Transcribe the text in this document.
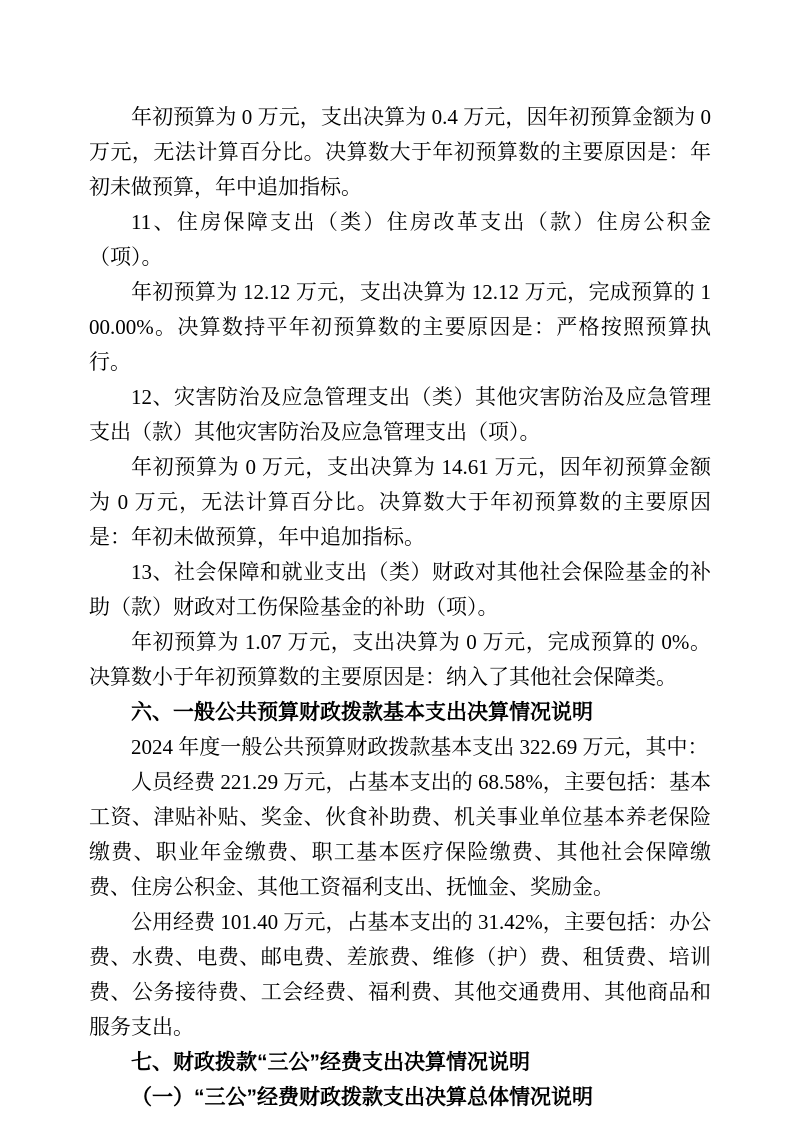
年初预算为 0 万元，支出决算为 0.4 万元，因年初预算金额为 0 万元，无法计算百分比。决算数大于年初预算数的主要原因是：年初未做预算，年中追加指标。

11、住房保障支出（类）住房改革支出（款）住房公积金（项）。

年初预算为 12.12 万元，支出决算为 12.12 万元，完成预算的 100.00%。决算数持平年初预算数的主要原因是：严格按照预算执行。

12、灾害防治及应急管理支出（类）其他灾害防治及应急管理支出（款）其他灾害防治及应急管理支出（项）。

年初预算为 0 万元，支出决算为 14.61 万元，因年初预算金额为 0 万元，无法计算百分比。决算数大于年初预算数的主要原因是：年初未做预算，年中追加指标。

13、社会保障和就业支出（类）财政对其他社会保险基金的补助（款）财政对工伤保险基金的补助（项）。

年初预算为 1.07 万元，支出决算为 0 万元，完成预算的 0%。决算数小于年初预算数的主要原因是：纳入了其他社会保障类。

六、一般公共预算财政拨款基本支出决算情况说明

2024 年度一般公共预算财政拨款基本支出 322.69 万元，其中：

人员经费 221.29 万元，占基本支出的 68.58%，主要包括：基本工资、津贴补贴、奖金、伙食补助费、机关事业单位基本养老保险缴费、职业年金缴费、职工基本医疗保险缴费、其他社会保障缴费、住房公积金、其他工资福利支出、抚恤金、奖励金。

公用经费 101.40 万元，占基本支出的 31.42%，主要包括：办公费、水费、电费、邮电费、差旅费、维修（护）费、租赁费、培训费、公务接待费、工会经费、福利费、其他交通费用、其他商品和服务支出。

七、财政拨款“三公”经费支出决算情况说明

（一）“三公”经费财政拨款支出决算总体情况说明
